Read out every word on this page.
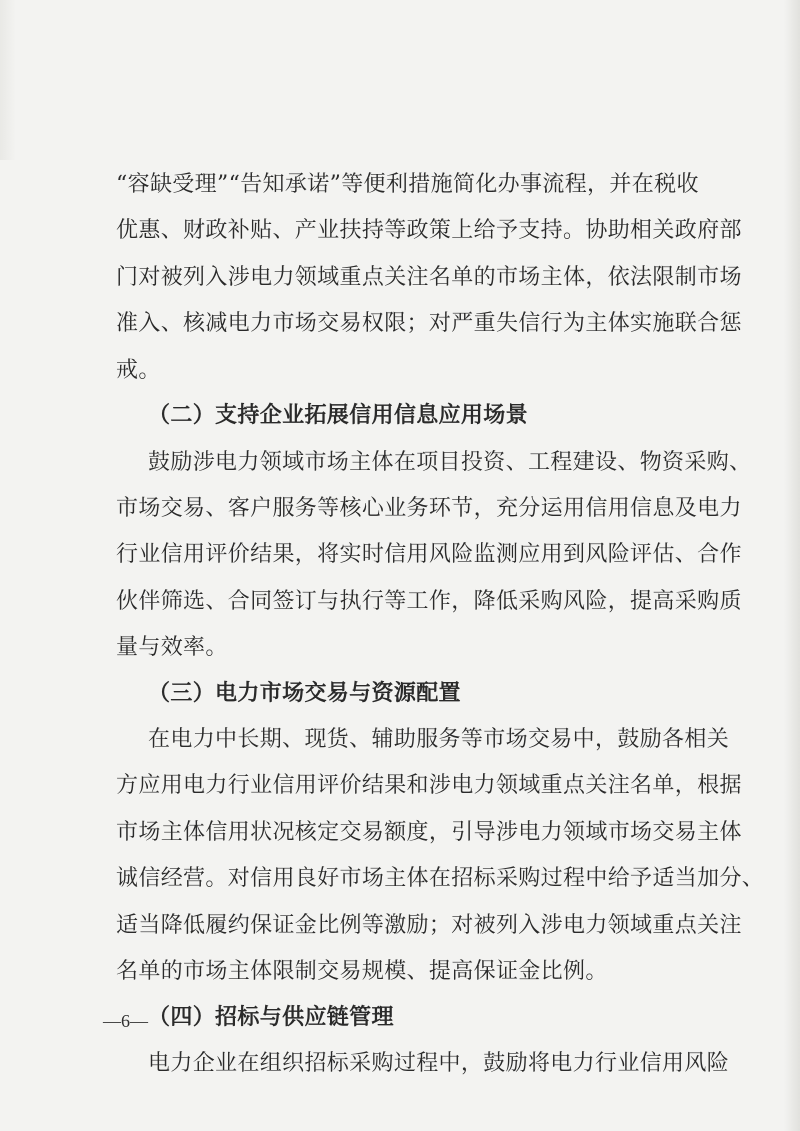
“容缺受理”“告知承诺”等便利措施简化办事流程，并在税收
优惠、财政补贴、产业扶持等政策上给予支持。协助相关政府部
门对被列入涉电力领域重点关注名单的市场主体，依法限制市场
准入、核减电力市场交易权限；对严重失信行为主体实施联合惩
戒。
（二）支持企业拓展信用信息应用场景
鼓励涉电力领域市场主体在项目投资、工程建设、物资采购、
市场交易、客户服务等核心业务环节，充分运用信用信息及电力
行业信用评价结果，将实时信用风险监测应用到风险评估、合作
伙伴筛选、合同签订与执行等工作，降低采购风险，提高采购质
量与效率。
（三）电力市场交易与资源配置
在电力中长期、现货、辅助服务等市场交易中，鼓励各相关
方应用电力行业信用评价结果和涉电力领域重点关注名单，根据
市场主体信用状况核定交易额度，引导涉电力领域市场交易主体
诚信经营。对信用良好市场主体在招标采购过程中给予适当加分、
适当降低履约保证金比例等激励；对被列入涉电力领域重点关注
名单的市场主体限制交易规模、提高保证金比例。
（四）招标与供应链管理
电力企业在组织招标采购过程中，鼓励将电力行业信用风险
—6—
